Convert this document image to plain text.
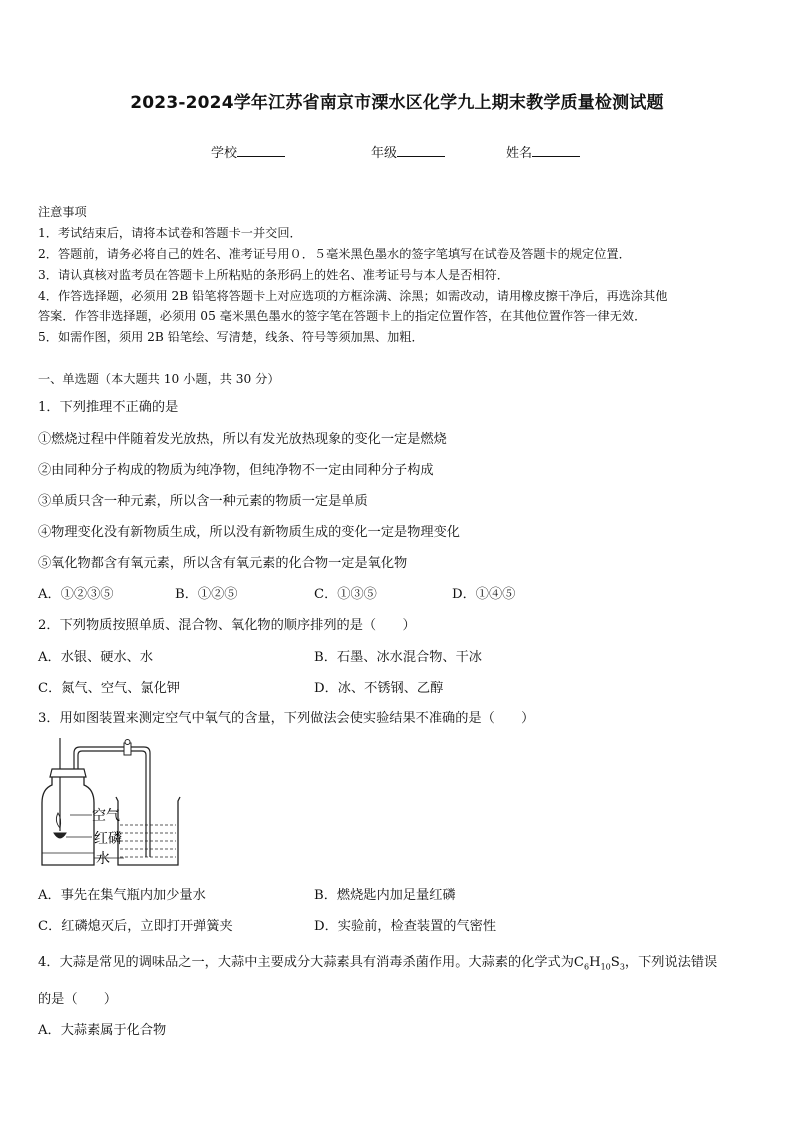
2023-2024学年江苏省南京市溧水区化学九上期末教学质量检测试题
学校	年级	姓名
注意事项
1．考试结束后，请将本试卷和答题卡一并交回．
2．答题前，请务必将自己的姓名、准考证号用０．５毫米黑色墨水的签字笔填写在试卷及答题卡的规定位置．
3．请认真核对监考员在答题卡上所粘贴的条形码上的姓名、准考证号与本人是否相符．
4．作答选择题，必须用 2B 铅笔将答题卡上对应选项的方框涂满、涂黑；如需改动，请用橡皮擦干净后，再选涂其他
答案．作答非选择题，必须用 05 毫米黑色墨水的签字笔在答题卡上的指定位置作答，在其他位置作答一律无效．
5．如需作图，须用 2B 铅笔绘、写清楚，线条、符号等须加黑、加粗．
一、单选题（本大题共 10 小题，共 30 分）
1．下列推理不正确的是
①燃烧过程中伴随着发光放热，所以有发光放热现象的变化一定是燃烧
②由同种分子构成的物质为纯净物，但纯净物不一定由同种分子构成
③单质只含一种元素，所以含一种元素的物质一定是单质
④物理变化没有新物质生成，所以没有新物质生成的变化一定是物理变化
⑤氧化物都含有氧元素，所以含有氧元素的化合物一定是氧化物
A．①②③⑤	B．①②⑤	C．①③⑤	D．①④⑤
2．下列物质按照单质、混合物、氧化物的顺序排列的是（　　）
A．水银、硬水、水	B．石墨、冰水混合物、干冰
C．氮气、空气、氯化钾	D．冰、不锈钢、乙醇
3．用如图装置来测定空气中氧气的含量，下列做法会使实验结果不准确的是（　　）
空气
红磷
水
A．事先在集气瓶内加少量水	B．燃烧匙内加足量红磷
C．红磷熄灭后，立即打开弹簧夹	D．实验前，检查装置的气密性
4．大蒜是常见的调味品之一，大蒜中主要成分大蒜素具有消毒杀菌作用。大蒜素的化学式为$C_6H_{10}S_3$，下列说法错误
的是（　　）
A．大蒜素属于化合物
